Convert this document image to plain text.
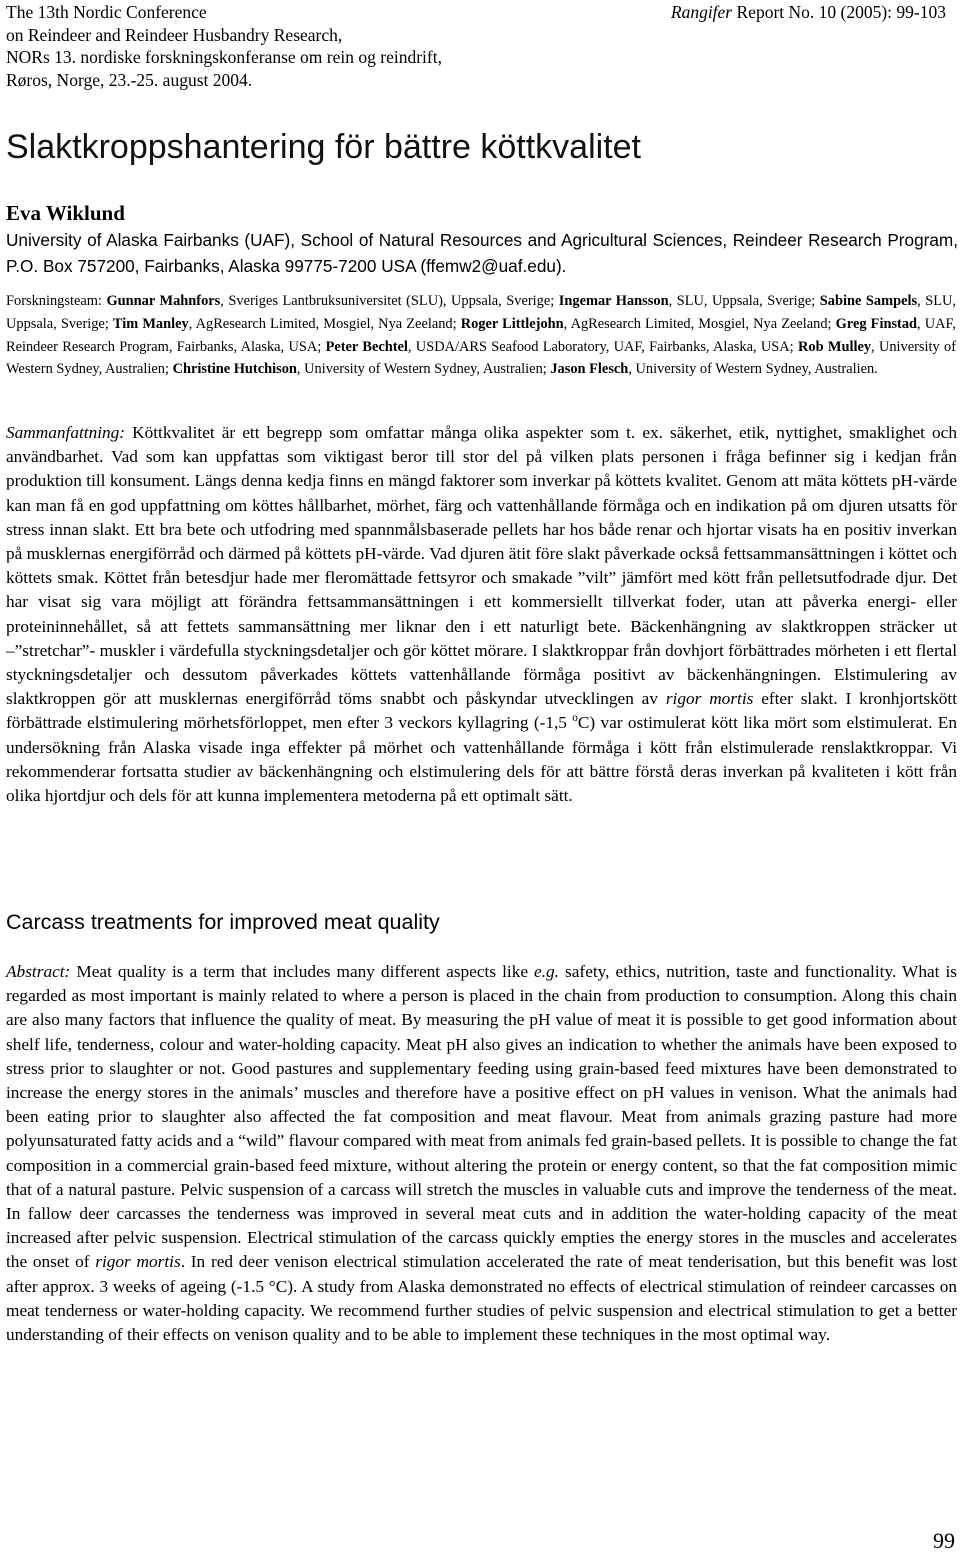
The 13th Nordic Conference
on Reindeer and Reindeer Husbandry Research,
NORs 13. nordiske forskningskonferanse om rein og reindrift,
Røros, Norge, 23.-25. august 2004.
Rangifer Report No. 10 (2005): 99-103
Slaktkroppshantering för bättre köttkvalitet
Eva Wiklund
University of Alaska Fairbanks (UAF), School of Natural Resources and Agricultural Sciences, Reindeer Research Program, P.O. Box 757200, Fairbanks, Alaska 99775-7200 USA (ffemw2@uaf.edu).
Forskningsteam: Gunnar Mahnfors, Sveriges Lantbruksuniversitet (SLU), Uppsala, Sverige; Ingemar Hansson, SLU, Uppsala, Sverige; Sabine Sampels, SLU, Uppsala, Sverige; Tim Manley, AgResearch Limited, Mosgiel, Nya Zeeland; Roger Littlejohn, AgResearch Limited, Mosgiel, Nya Zeeland; Greg Finstad, UAF, Reindeer Research Program, Fairbanks, Alaska, USA; Peter Bechtel, USDA/ARS Seafood Laboratory, UAF, Fairbanks, Alaska, USA; Rob Mulley, University of Western Sydney, Australien; Christine Hutchison, University of Western Sydney, Australien; Jason Flesch, University of Western Sydney, Australien.
Sammanfattning: Köttkvalitet är ett begrepp som omfattar många olika aspekter som t. ex. säkerhet, etik, nyttighet, smaklighet och användbarhet. Vad som kan uppfattas som viktigast beror till stor del på vilken plats personen i fråga befinner sig i kedjan från produktion till konsument. Längs denna kedja finns en mängd faktorer som inverkar på köttets kvalitet. Genom att mäta köttets pH-värde kan man få en god uppfattning om köttes hållbarhet, mörhet, färg och vattenhållande förmåga och en indikation på om djuren utsatts för stress innan slakt. Ett bra bete och utfodring med spannmålsbaserade pellets har hos både renar och hjortar visats ha en positiv inverkan på musklernas energiförråd och därmed på köttets pH-värde. Vad djuren ätit före slakt påverkade också fettsammansättningen i köttet och köttets smak. Köttet från betesdjur hade mer fleromättade fettsyror och smakade ”vilt” jämfört med kött från pelletsutfodrade djur. Det har visat sig vara möjligt att förändra fettsammansättningen i ett kommersiellt tillverkat foder, utan att påverka energi- eller proteininnehållet, så att fettets sammansättning mer liknar den i ett naturligt bete. Bäckenhängning av slaktkroppen sträcker ut –”stretchar”- muskler i värdefulla styckningsdetaljer och gör köttet mörare. I slaktkroppar från dovhjort förbättrades mörheten i ett flertal styckningsdetaljer och dessutom påverkades köttets vattenhållande förmåga positivt av bäckenhängningen. Elstimulering av slaktkroppen gör att musklernas energiförråd töms snabbt och påskyndar utvecklingen av rigor mortis efter slakt. I kronhjortskött förbättrade elstimulering mörhetsförloppet, men efter 3 veckors kyllagring (-1,5 $^o$C) var ostimulerat kött lika mört som elstimulerat. En undersökning från Alaska visade inga effekter på mörhet och vattenhållande förmåga i kött från elstimulerade renslaktkroppar. Vi rekommenderar fortsatta studier av bäckenhängning och elstimulering dels för att bättre förstå deras inverkan på kvaliteten i kött från olika hjortdjur och dels för att kunna implementera metoderna på ett optimalt sätt.
Carcass treatments for improved meat quality
Abstract: Meat quality is a term that includes many different aspects like e.g. safety, ethics, nutrition, taste and functionality. What is regarded as most important is mainly related to where a person is placed in the chain from production to consumption. Along this chain are also many factors that influence the quality of meat. By measuring the pH value of meat it is possible to get good information about shelf life, tenderness, colour and water-holding capacity. Meat pH also gives an indication to whether the animals have been exposed to stress prior to slaughter or not. Good pastures and supplementary feeding using grain-based feed mixtures have been demonstrated to increase the energy stores in the animals’ muscles and therefore have a positive effect on pH values in venison. What the animals had been eating prior to slaughter also affected the fat composition and meat flavour. Meat from animals grazing pasture had more polyunsaturated fatty acids and a “wild” flavour compared with meat from animals fed grain-based pellets. It is possible to change the fat composition in a commercial grain-based feed mixture, without altering the protein or energy content, so that the fat composition mimic that of a natural pasture. Pelvic suspension of a carcass will stretch the muscles in valuable cuts and improve the tenderness of the meat. In fallow deer carcasses the tenderness was improved in several meat cuts and in addition the water-holding capacity of the meat increased after pelvic suspension. Electrical stimulation of the carcass quickly empties the energy stores in the muscles and accelerates the onset of rigor mortis. In red deer venison electrical stimulation accelerated the rate of meat tenderisation, but this benefit was lost after approx. 3 weeks of ageing (-1.5 °C). A study from Alaska demonstrated no effects of electrical stimulation of reindeer carcasses on meat tenderness or water-holding capacity. We recommend further studies of pelvic suspension and electrical stimulation to get a better understanding of their effects on venison quality and to be able to implement these techniques in the most optimal way.
99
